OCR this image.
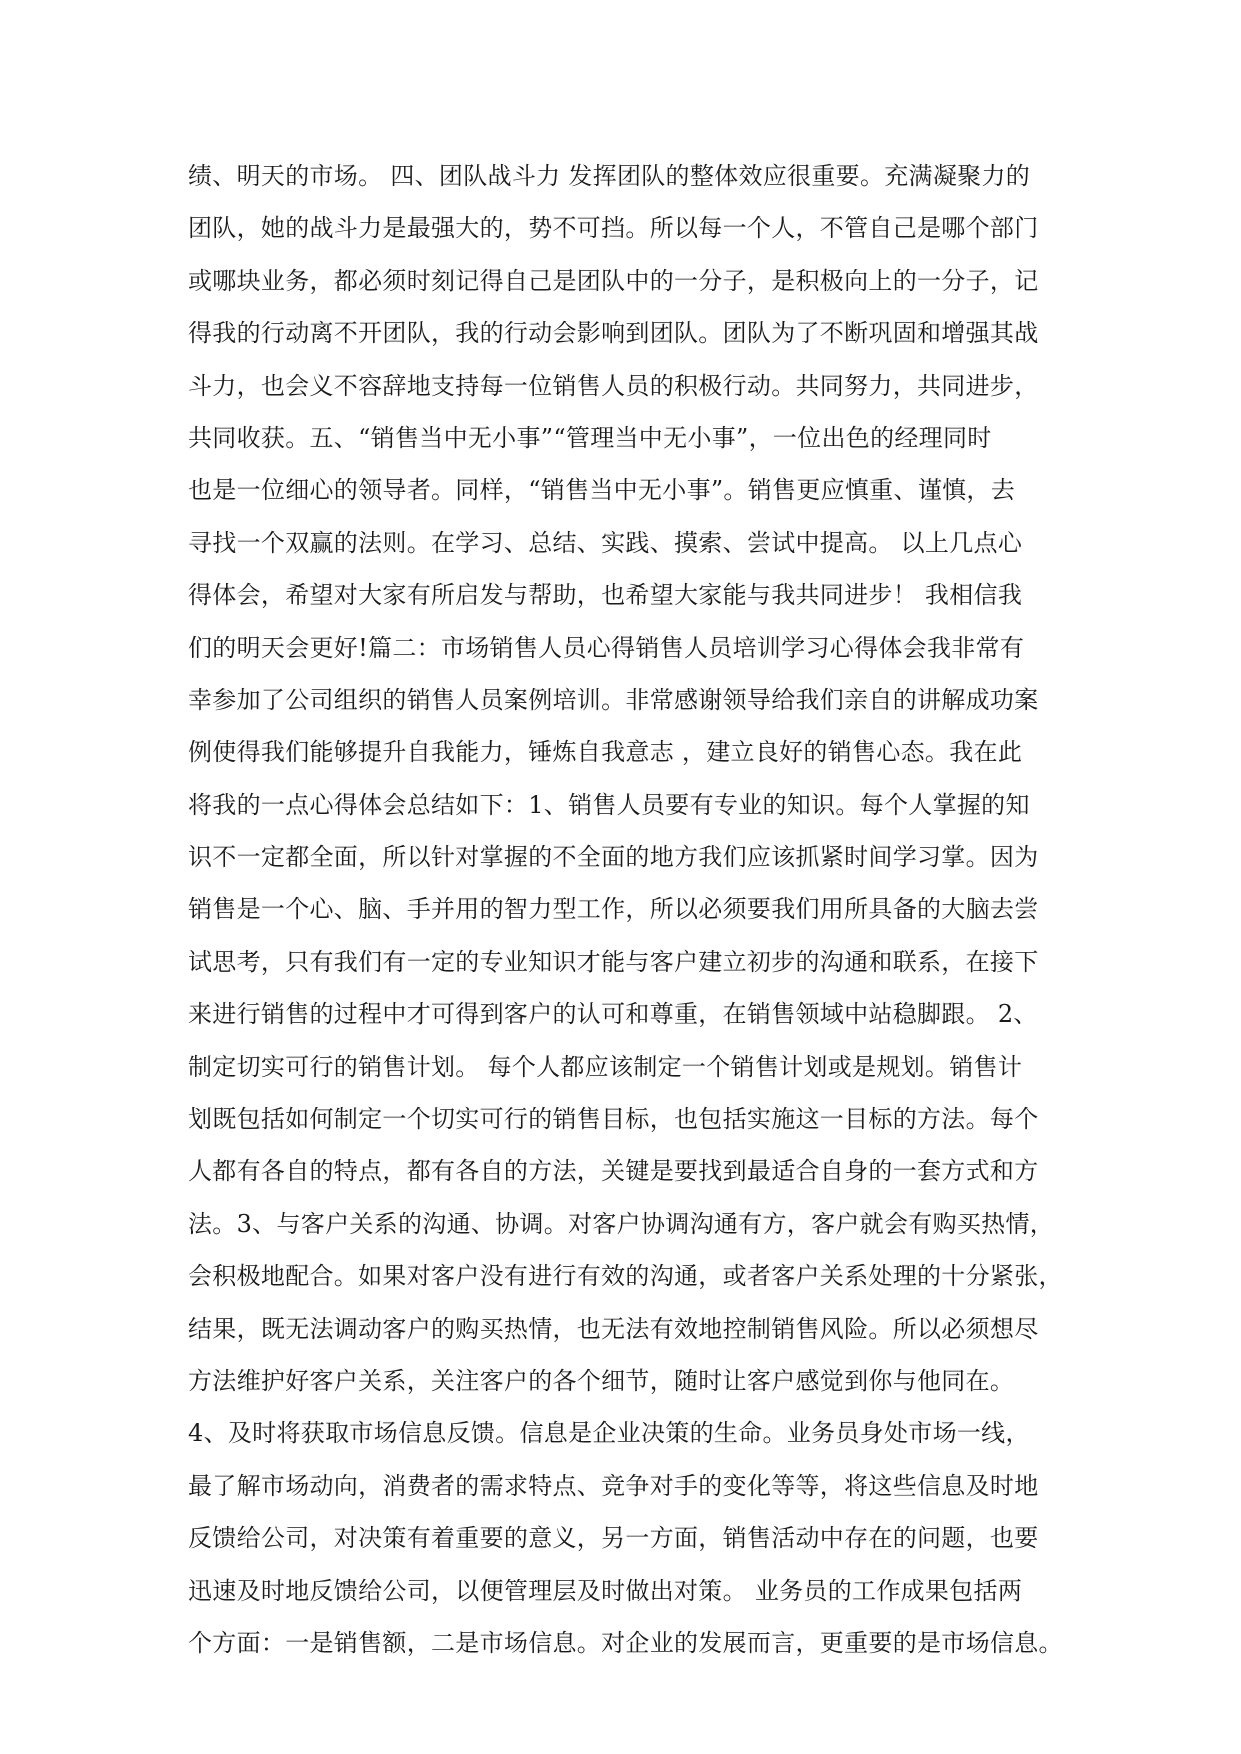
绩、明天的市场。 四、团队战斗力 发挥团队的整体效应很重要。充满凝聚力的
团队，她的战斗力是最强大的，势不可挡。所以每一个人，不管自己是哪个部门
或哪块业务，都必须时刻记得自己是团队中的一分子，是积极向上的一分子，记
得我的行动离不开团队，我的行动会影响到团队。团队为了不断巩固和增强其战
斗力，也会义不容辞地支持每一位销售人员的积极行动。共同努力，共同进步，
共同收获。五、“销售当中无小事”“管理当中无小事”，一位出色的经理同时
也是一位细心的领导者。同样，“销售当中无小事”。销售更应慎重、谨慎，去
寻找一个双赢的法则。在学习、总结、实践、摸索、尝试中提高。 以上几点心
得体会，希望对大家有所启发与帮助，也希望大家能与我共同进步！ 我相信我
们的明天会更好!篇二：市场销售人员心得销售人员培训学习心得体会我非常有
幸参加了公司组织的销售人员案例培训。非常感谢领导给我们亲自的讲解成功案
例使得我们能够提升自我能力，锤炼自我意志 ，建立良好的销售心态。我在此
将我的一点心得体会总结如下：1、销售人员要有专业的知识。每个人掌握的知
识不一定都全面，所以针对掌握的不全面的地方我们应该抓紧时间学习掌。因为
销售是一个心、脑、手并用的智力型工作，所以必须要我们用所具备的大脑去尝
试思考，只有我们有一定的专业知识才能与客户建立初步的沟通和联系，在接下
来进行销售的过程中才可得到客户的认可和尊重，在销售领域中站稳脚跟。 2、
制定切实可行的销售计划。 每个人都应该制定一个销售计划或是规划。销售计
划既包括如何制定一个切实可行的销售目标，也包括实施这一目标的方法。每个
人都有各自的特点，都有各自的方法，关键是要找到最适合自身的一套方式和方
法。3、与客户关系的沟通、协调。对客户协调沟通有方，客户就会有购买热情，
会积极地配合。如果对客户没有进行有效的沟通，或者客户关系处理的十分紧张，
结果，既无法调动客户的购买热情，也无法有效地控制销售风险。所以必须想尽
方法维护好客户关系，关注客户的各个细节，随时让客户感觉到你与他同在。
4、及时将获取市场信息反馈。信息是企业决策的生命。业务员身处市场一线，
最了解市场动向，消费者的需求特点、竞争对手的变化等等，将这些信息及时地
反馈给公司，对决策有着重要的意义，另一方面，销售活动中存在的问题，也要
迅速及时地反馈给公司，以便管理层及时做出对策。 业务员的工作成果包括两
个方面：一是销售额，二是市场信息。对企业的发展而言，更重要的是市场信息。
